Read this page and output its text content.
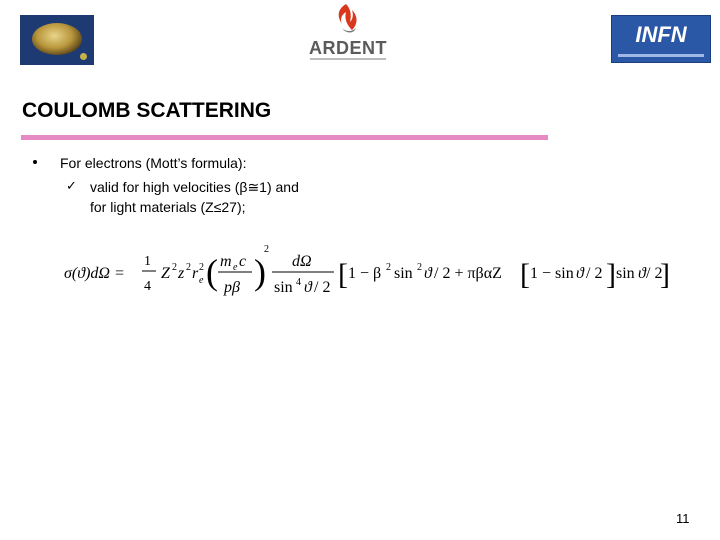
ARDENT
INFN
COULOMB SCATTERING
For electrons (Mott’s formula):
✓ valid for high velocities (β≅1) and
for light materials (Z≤27);
σ(ϑ)dΩ =
1
4
Z 2 z 2 r 2
e ( m e c
pβ )
2
dΩ
sin 4 ϑ / 2 [ 1 − β 2 sin 2 ϑ / 2 + πβαZ [ 1 − sin ϑ / 2 ] sin ϑ / 2
]
11
